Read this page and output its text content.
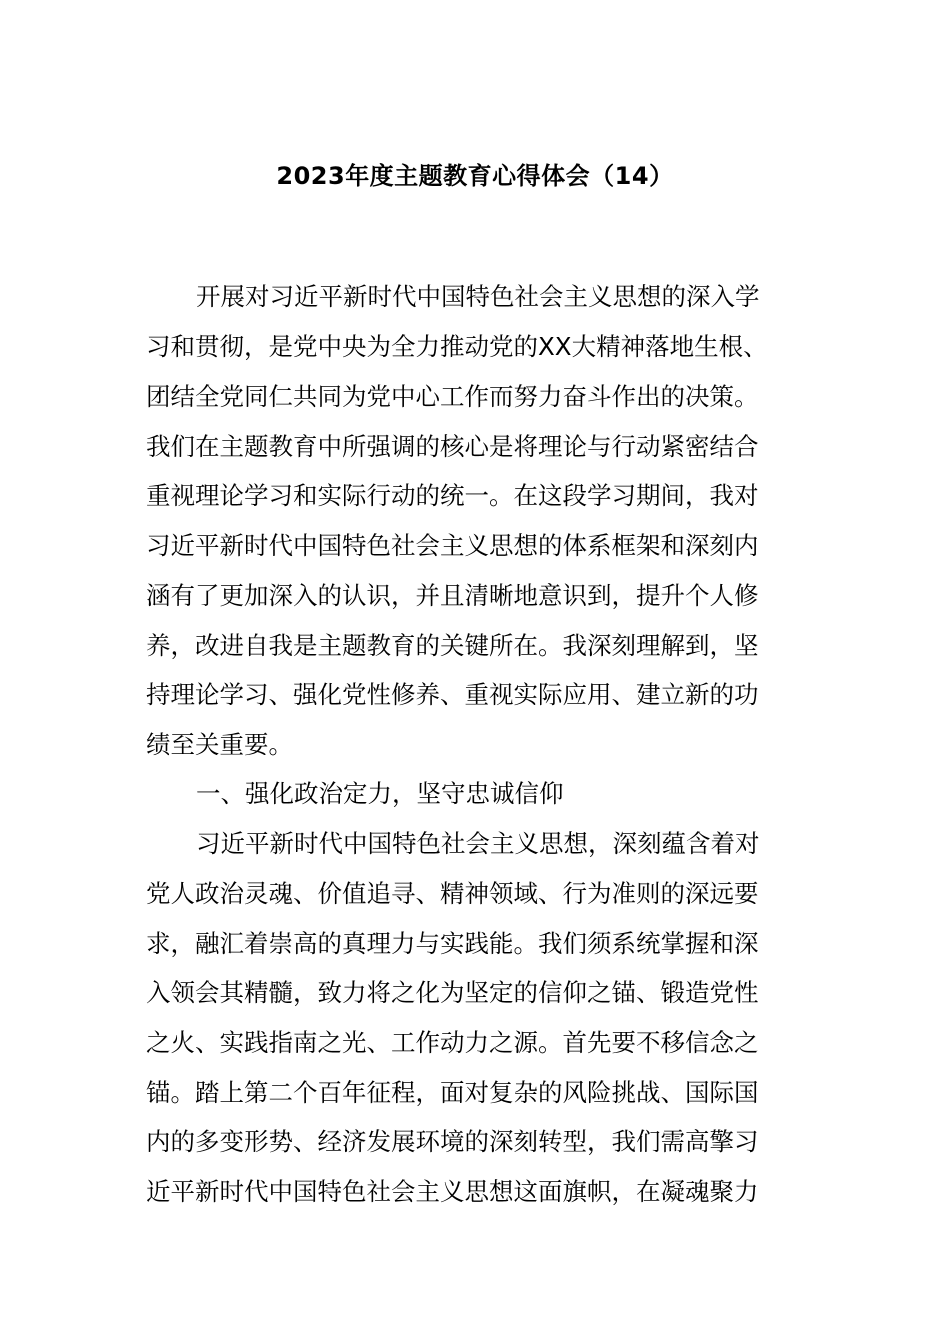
2023年度主题教育心得体会（14）
开展对习近平新时代中国特色社会主义思想的深入学
习和贯彻，是党中央为全力推动党的XX大精神落地生根、
团结全党同仁共同为党中心工作而努力奋斗作出的决策。
我们在主题教育中所强调的核心是将理论与行动紧密结合
重视理论学习和实际行动的统一。在这段学习期间，我对
习近平新时代中国特色社会主义思想的体系框架和深刻内
涵有了更加深入的认识，并且清晰地意识到，提升个人修
养，改进自我是主题教育的关键所在。我深刻理解到，坚
持理论学习、强化党性修养、重视实际应用、建立新的功
绩至关重要。
一、强化政治定力，坚守忠诚信仰
习近平新时代中国特色社会主义思想，深刻蕴含着对
党人政治灵魂、价值追寻、精神领域、行为准则的深远要
求，融汇着崇高的真理力与实践能。我们须系统掌握和深
入领会其精髓，致力将之化为坚定的信仰之锚、锻造党性
之火、实践指南之光、工作动力之源。首先要不移信念之
锚。踏上第二个百年征程，面对复杂的风险挑战、国际国
内的多变形势、经济发展环境的深刻转型，我们需高擎习
近平新时代中国特色社会主义思想这面旗帜，在凝魂聚力
